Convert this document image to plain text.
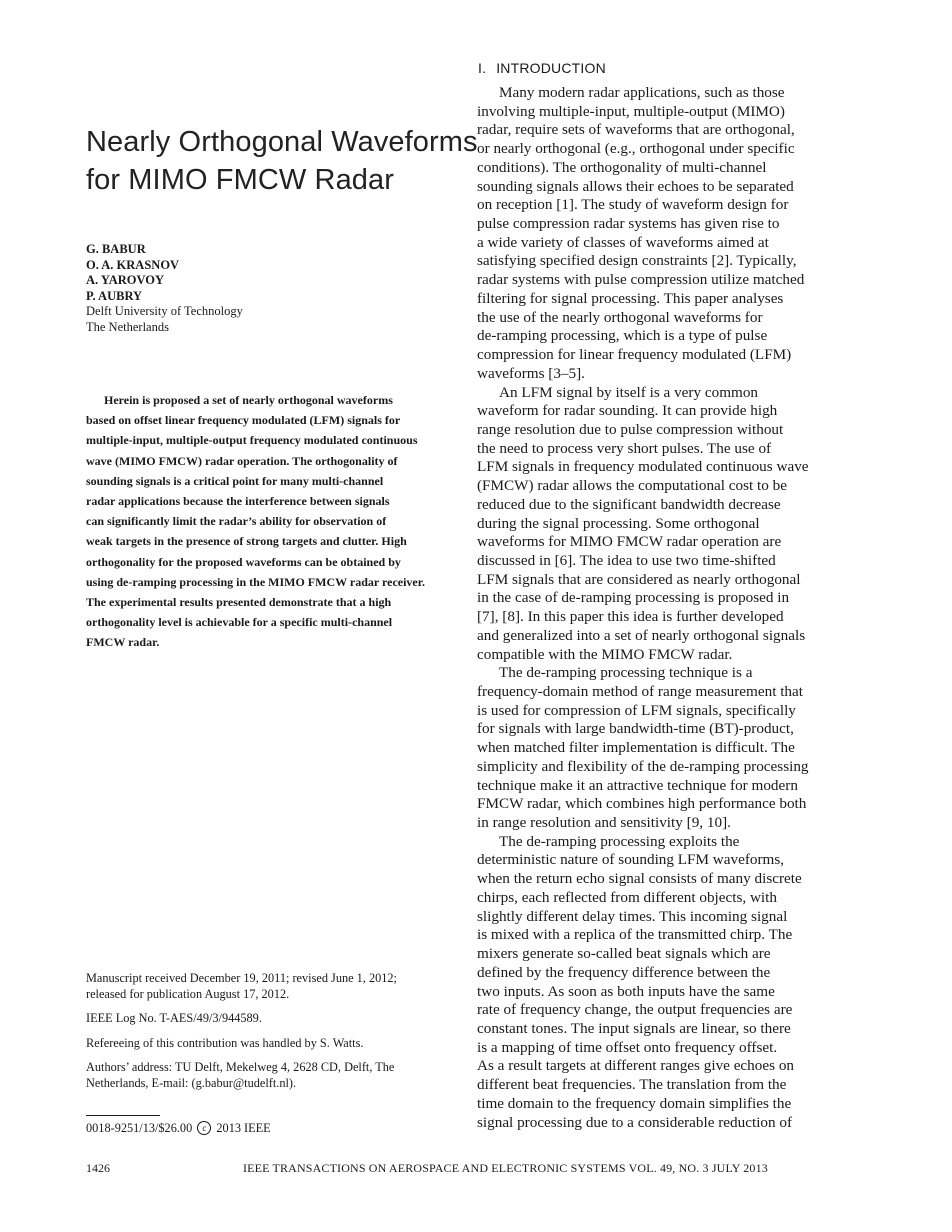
Nearly Orthogonal Waveforms
for MIMO FMCW Radar
G. BABUR
O. A. KRASNOV
A. YAROVOY
P. AUBRY
Delft University of Technology
The Netherlands
Herein is proposed a set of nearly orthogonal waveforms
based on offset linear frequency modulated (LFM) signals for
multiple-input, multiple-output frequency modulated continuous
wave (MIMO FMCW) radar operation. The orthogonality of
sounding signals is a critical point for many multi-channel
radar applications because the interference between signals
can significantly limit the radar’s ability for observation of
weak targets in the presence of strong targets and clutter. High
orthogonality for the proposed waveforms can be obtained by
using de-ramping processing in the MIMO FMCW radar receiver.
The experimental results presented demonstrate that a high
orthogonality level is achievable for a specific multi-channel
FMCW radar.

Manuscript received December 19, 2011; revised June 1, 2012;
released for publication August 17, 2012.

IEEE Log No. T-AES/49/3/944589.

Refereeing of this contribution was handled by S. Watts.

Authors’ address: TU Delft, Mekelweg 4, 2628 CD, Delft, The
Netherlands, E-mail: (g.babur@tudelft.nl).

0018-9251/13/$26.00 c 2013 IEEE
I. INTRODUCTION
Many modern radar applications, such as those
involving multiple-input, multiple-output (MIMO)
radar, require sets of waveforms that are orthogonal,
or nearly orthogonal (e.g., orthogonal under specific
conditions). The orthogonality of multi-channel
sounding signals allows their echoes to be separated
on reception [1]. The study of waveform design for
pulse compression radar systems has given rise to
a wide variety of classes of waveforms aimed at
satisfying specified design constraints [2]. Typically,
radar systems with pulse compression utilize matched
filtering for signal processing. This paper analyses
the use of the nearly orthogonal waveforms for
de-ramping processing, which is a type of pulse
compression for linear frequency modulated (LFM)
waveforms [3–5].
An LFM signal by itself is a very common
waveform for radar sounding. It can provide high
range resolution due to pulse compression without
the need to process very short pulses. The use of
LFM signals in frequency modulated continuous wave
(FMCW) radar allows the computational cost to be
reduced due to the significant bandwidth decrease
during the signal processing. Some orthogonal
waveforms for MIMO FMCW radar operation are
discussed in [6]. The idea to use two time-shifted
LFM signals that are considered as nearly orthogonal
in the case of de-ramping processing is proposed in
[7], [8]. In this paper this idea is further developed
and generalized into a set of nearly orthogonal signals
compatible with the MIMO FMCW radar.
The de-ramping processing technique is a
frequency-domain method of range measurement that
is used for compression of LFM signals, specifically
for signals with large bandwidth-time (BT)-product,
when matched filter implementation is difficult. The
simplicity and flexibility of the de-ramping processing
technique make it an attractive technique for modern
FMCW radar, which combines high performance both
in range resolution and sensitivity [9, 10].
The de-ramping processing exploits the
deterministic nature of sounding LFM waveforms,
when the return echo signal consists of many discrete
chirps, each reflected from different objects, with
slightly different delay times. This incoming signal
is mixed with a replica of the transmitted chirp. The
mixers generate so-called beat signals which are
defined by the frequency difference between the
two inputs. As soon as both inputs have the same
rate of frequency change, the output frequencies are
constant tones. The input signals are linear, so there
is a mapping of time offset onto frequency offset.
As a result targets at different ranges give echoes on
different beat frequencies. The translation from the
time domain to the frequency domain simplifies the
signal processing due to a considerable reduction of
1426	IEEE TRANSACTIONS ON AEROSPACE AND ELECTRONIC SYSTEMS VOL. 49, NO. 3 JULY 2013
